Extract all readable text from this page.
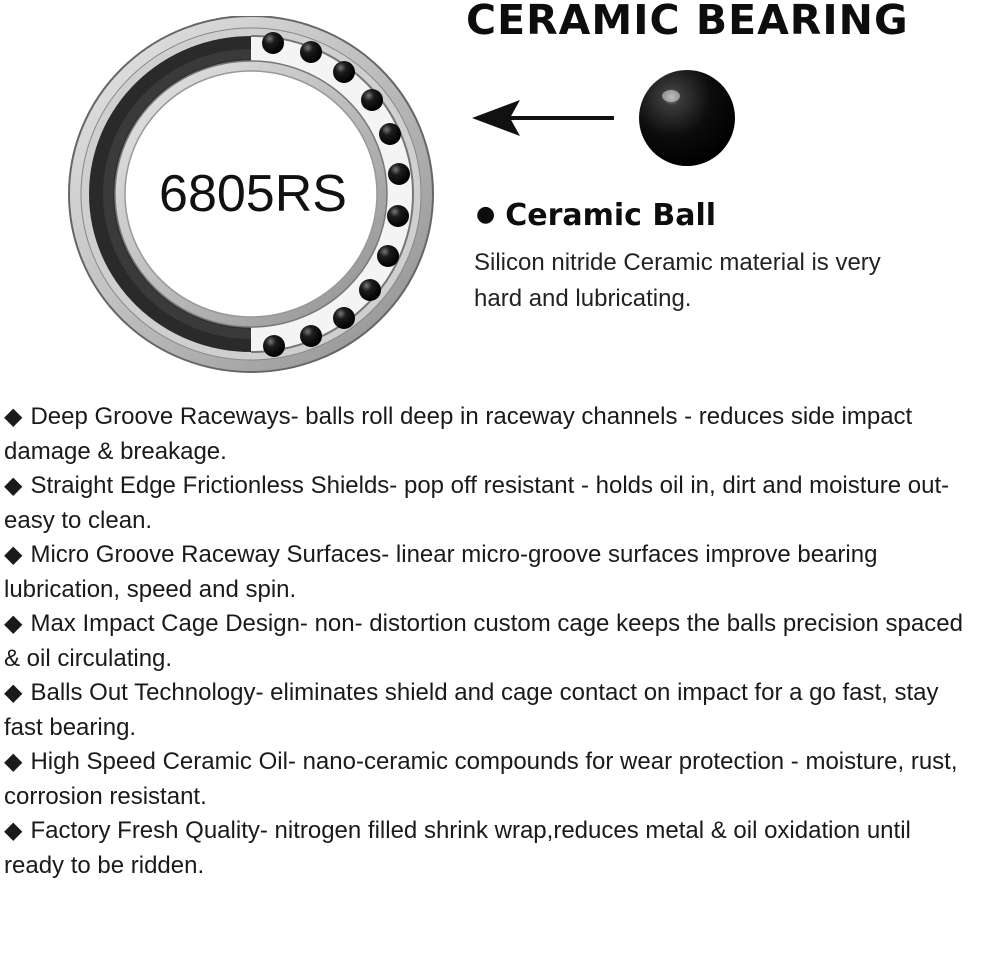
6805RS
CERAMIC BEARING
● Ceramic Ball
Silicon nitride Ceramic material is very hard and lubricating.
◆ Deep Groove Raceways- balls roll deep in raceway channels - reduces side impact damage & breakage.
◆ Straight Edge Frictionless Shields- pop off resistant - holds oil in, dirt and moisture out- easy to clean.
◆ Micro Groove Raceway Surfaces- linear micro-groove surfaces improve bearing lubrication, speed and spin.
◆ Max Impact Cage Design- non- distortion custom cage keeps the balls precision spaced & oil circulating.
◆ Balls Out Technology- eliminates shield and cage contact on impact for a go fast, stay fast bearing.
◆ High Speed Ceramic Oil- nano-ceramic compounds for wear protection - moisture, rust, corrosion resistant.
◆ Factory Fresh Quality- nitrogen filled shrink wrap,reduces metal & oil oxidation until ready to be ridden.
